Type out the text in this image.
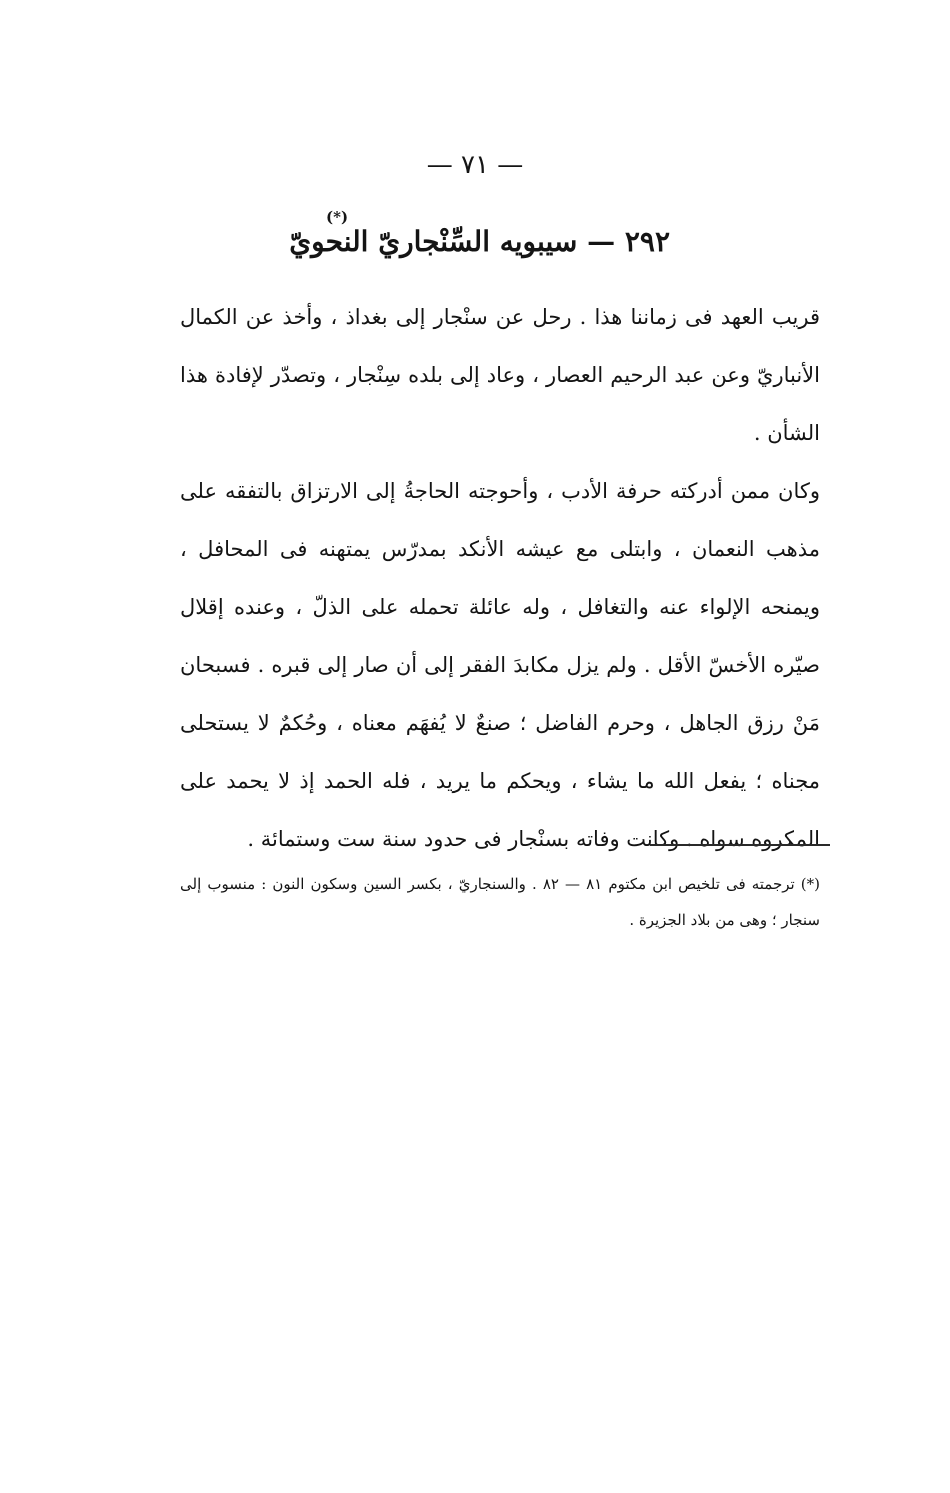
— ٧١ —
(*)
٢٩٢ — سيبويه السِّنْجاريّ النحويّ

قريب العهد فى زماننا هذا . رحل عن سنْجار إلى بغداذ ، وأخذ عن الكمال الأنباريّ وعن عبد الرحيم العصار ، وعاد إلى بلده سِنْجار ، وتصدّر لإفادة هذا الشأن .

وكان ممن أدركته حرفة الأدب ، وأحوجته الحاجةُ إلى الارتزاق بالتفقه على مذهب النعمان ، وابتلى مع عيشه الأنكد بمدرّس يمتهنه فى المحافل ، ويمنحه الإلواء عنه والتغافل ، وله عائلة تحمله على الذلّ ، وعنده إقلال صيّره الأخسّ الأقل . ولم يزل مكابدَ الفقر إلى أن صار إلى قبره . فسبحان مَنْ رزق الجاهل ، وحرم الفاضل ؛ صنعٌ لا يُفهَم معناه ، وحُكمٌ لا يستحلى مجناه ؛ يفعل الله ما يشاء ، ويحكم ما يريد ، فله الحمد إذ لا يحمد على المكروه سواه . وكانت وفاته بسنْجار فى حدود سنة ست وستمائة .

(*) ترجمته فى تلخيص ابن مكتوم ٨١ — ٨٢ . والسنجاريّ ، بكسر السين وسكون النون : منسوب إلى سنجار ؛ وهى من بلاد الجزيرة .
